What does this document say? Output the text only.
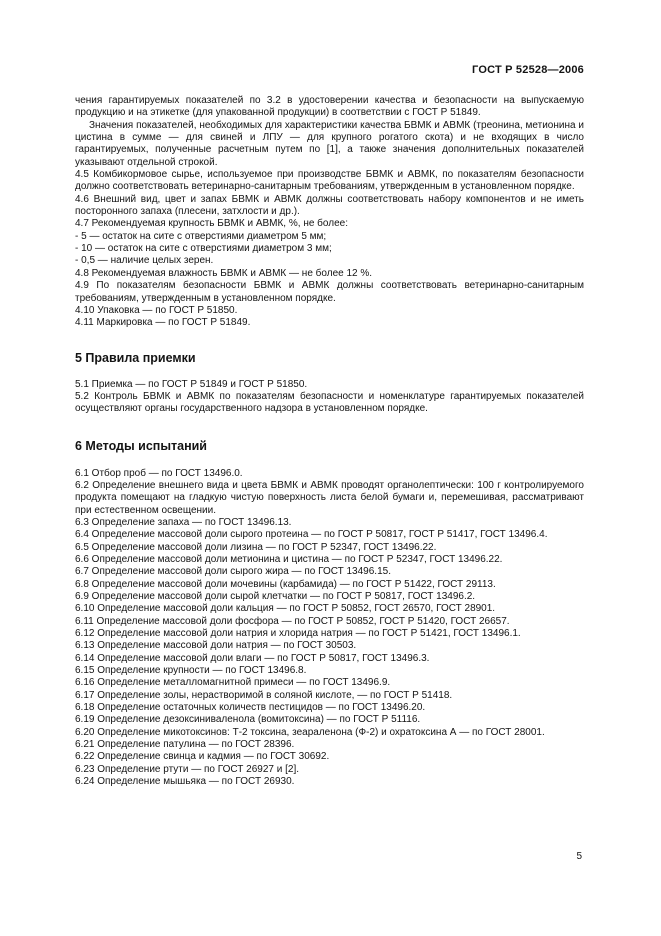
ГОСТ Р 52528—2006

чения гарантируемых показателей по 3.2 в удостоверении качества и безопасности на выпускаемую продукцию и на этикетке (для упакованной продукции) в соответствии с ГОСТ Р 51849.

Значения показателей, необходимых для характеристики качества БВМК и АВМК (треонина, метионина и цистина в сумме — для свиней и ЛПУ — для крупного рогатого скота) и не входящих в число гарантируемых, полученные расчетным путем по [1], а также значения дополнительных показателей указывают отдельной строкой.

4.5 Комбикормовое сырье, используемое при производстве БВМК и АВМК, по показателям безопасности должно соответствовать ветеринарно-санитарным требованиям, утвержденным в установленном порядке.

4.6 Внешний вид, цвет и запах БВМК и АВМК должны соответствовать набору компонентов и не иметь посторонного запаха (плесени, затхлости и др.).

4.7 Рекомендуемая крупность БВМК и АВМК, %, не более:

- 5 — остаток на сите с отверстиями диаметром 5 мм;

- 10 — остаток на сите с отверстиями диаметром 3 мм;

- 0,5 — наличие целых зерен.

4.8 Рекомендуемая влажность БВМК и АВМК — не более 12 %.

4.9 По показателям безопасности БВМК и АВМК должны соответствовать ветеринарно-санитарным требованиям, утвержденным в установленном порядке.

4.10 Упаковка — по ГОСТ Р 51850.

4.11 Маркировка — по ГОСТ Р 51849.

5 Правила приемки

5.1 Приемка — по ГОСТ Р 51849 и ГОСТ Р 51850.

5.2 Контроль БВМК и АВМК по показателям безопасности и номенклатуре гарантируемых показателей осуществляют органы государственного надзора в установленном порядке.

6 Методы испытаний

6.1 Отбор проб — по ГОСТ 13496.0.

6.2 Определение внешнего вида и цвета БВМК и АВМК проводят органолептически: 100 г контролируемого продукта помещают на гладкую чистую поверхность листа белой бумаги и, перемешивая, рассматривают при естественном освещении.

6.3 Определение запаха — по ГОСТ 13496.13.

6.4 Определение массовой доли сырого протеина — по ГОСТ Р 50817, ГОСТ Р 51417, ГОСТ 13496.4.

6.5 Определение массовой доли лизина — по ГОСТ Р 52347, ГОСТ 13496.22.

6.6 Определение массовой доли метионина и цистина — по ГОСТ Р 52347, ГОСТ 13496.22.

6.7 Определение массовой доли сырого жира — по ГОСТ 13496.15.

6.8 Определение массовой доли мочевины (карбамида) — по ГОСТ Р 51422, ГОСТ 29113.

6.9 Определение массовой доли сырой клетчатки — по ГОСТ Р 50817, ГОСТ 13496.2.

6.10 Определение массовой доли кальция — по ГОСТ Р 50852, ГОСТ 26570, ГОСТ 28901.

6.11 Определение массовой доли фосфора — по ГОСТ Р 50852, ГОСТ Р 51420, ГОСТ 26657.

6.12 Определение массовой доли натрия и хлорида натрия — по ГОСТ Р 51421, ГОСТ 13496.1.

6.13 Определение массовой доли натрия — по ГОСТ 30503.

6.14 Определение массовой доли влаги — по ГОСТ Р 50817, ГОСТ 13496.3.

6.15 Определение крупности — по ГОСТ 13496.8.

6.16 Определение металломагнитной примеси — по ГОСТ 13496.9.

6.17 Определение золы, нерастворимой в соляной кислоте, — по ГОСТ Р 51418.

6.18 Определение остаточных количеств пестицидов — по ГОСТ 13496.20.

6.19 Определение дезоксиниваленола (вомитоксина) — по ГОСТ Р 51116.

6.20 Определение микотоксинов: Т-2 токсина, зеараленона (Ф-2) и охратоксина А — по ГОСТ 28001.

6.21 Определение патулина — по ГОСТ 28396.

6.22 Определение свинца и кадмия — по ГОСТ 30692.

6.23 Определение ртути — по ГОСТ 26927 и [2].

6.24 Определение мышьяка — по ГОСТ 26930.

5
